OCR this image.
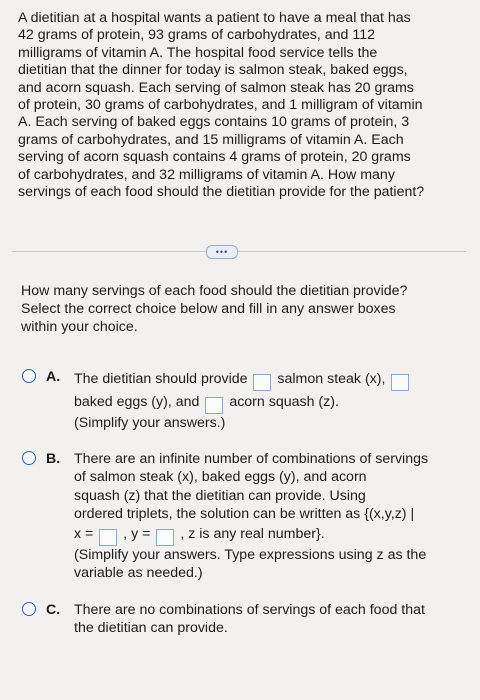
A dietitian at a hospital wants a patient to have a meal that has
42 grams of protein, 93 grams of carbohydrates, and 112
milligrams of vitamin A. The hospital food service tells the
dietitian that the dinner for today is salmon steak, baked eggs,
and acorn squash. Each serving of salmon steak has 20 grams
of protein, 30 grams of carbohydrates, and 1 milligram of vitamin
A. Each serving of baked eggs contains 10 grams of protein, 3
grams of carbohydrates, and 15 milligrams of vitamin A. Each
serving of acorn squash contains 4 grams of protein, 20 grams
of carbohydrates, and 32 milligrams of vitamin A. How many
servings of each food should the dietitian provide for the patient?
•••
How many servings of each food should the dietitian provide?
Select the correct choice below and fill in any answer boxes
within your choice.
A. The dietitian should provide salmon steak (x),
baked eggs (y), and acorn squash (z).
(Simplify your answers.)
B. There are an infinite number of combinations of servings
of salmon steak (x), baked eggs (y), and acorn
squash (z) that the dietitian can provide. Using
ordered triplets, the solution can be written as {(x,y,z) |
x = , y = , z is any real number}.
(Simplify your answers. Type expressions using z as the
variable as needed.)
C. There are no combinations of servings of each food that
the dietitian can provide.
